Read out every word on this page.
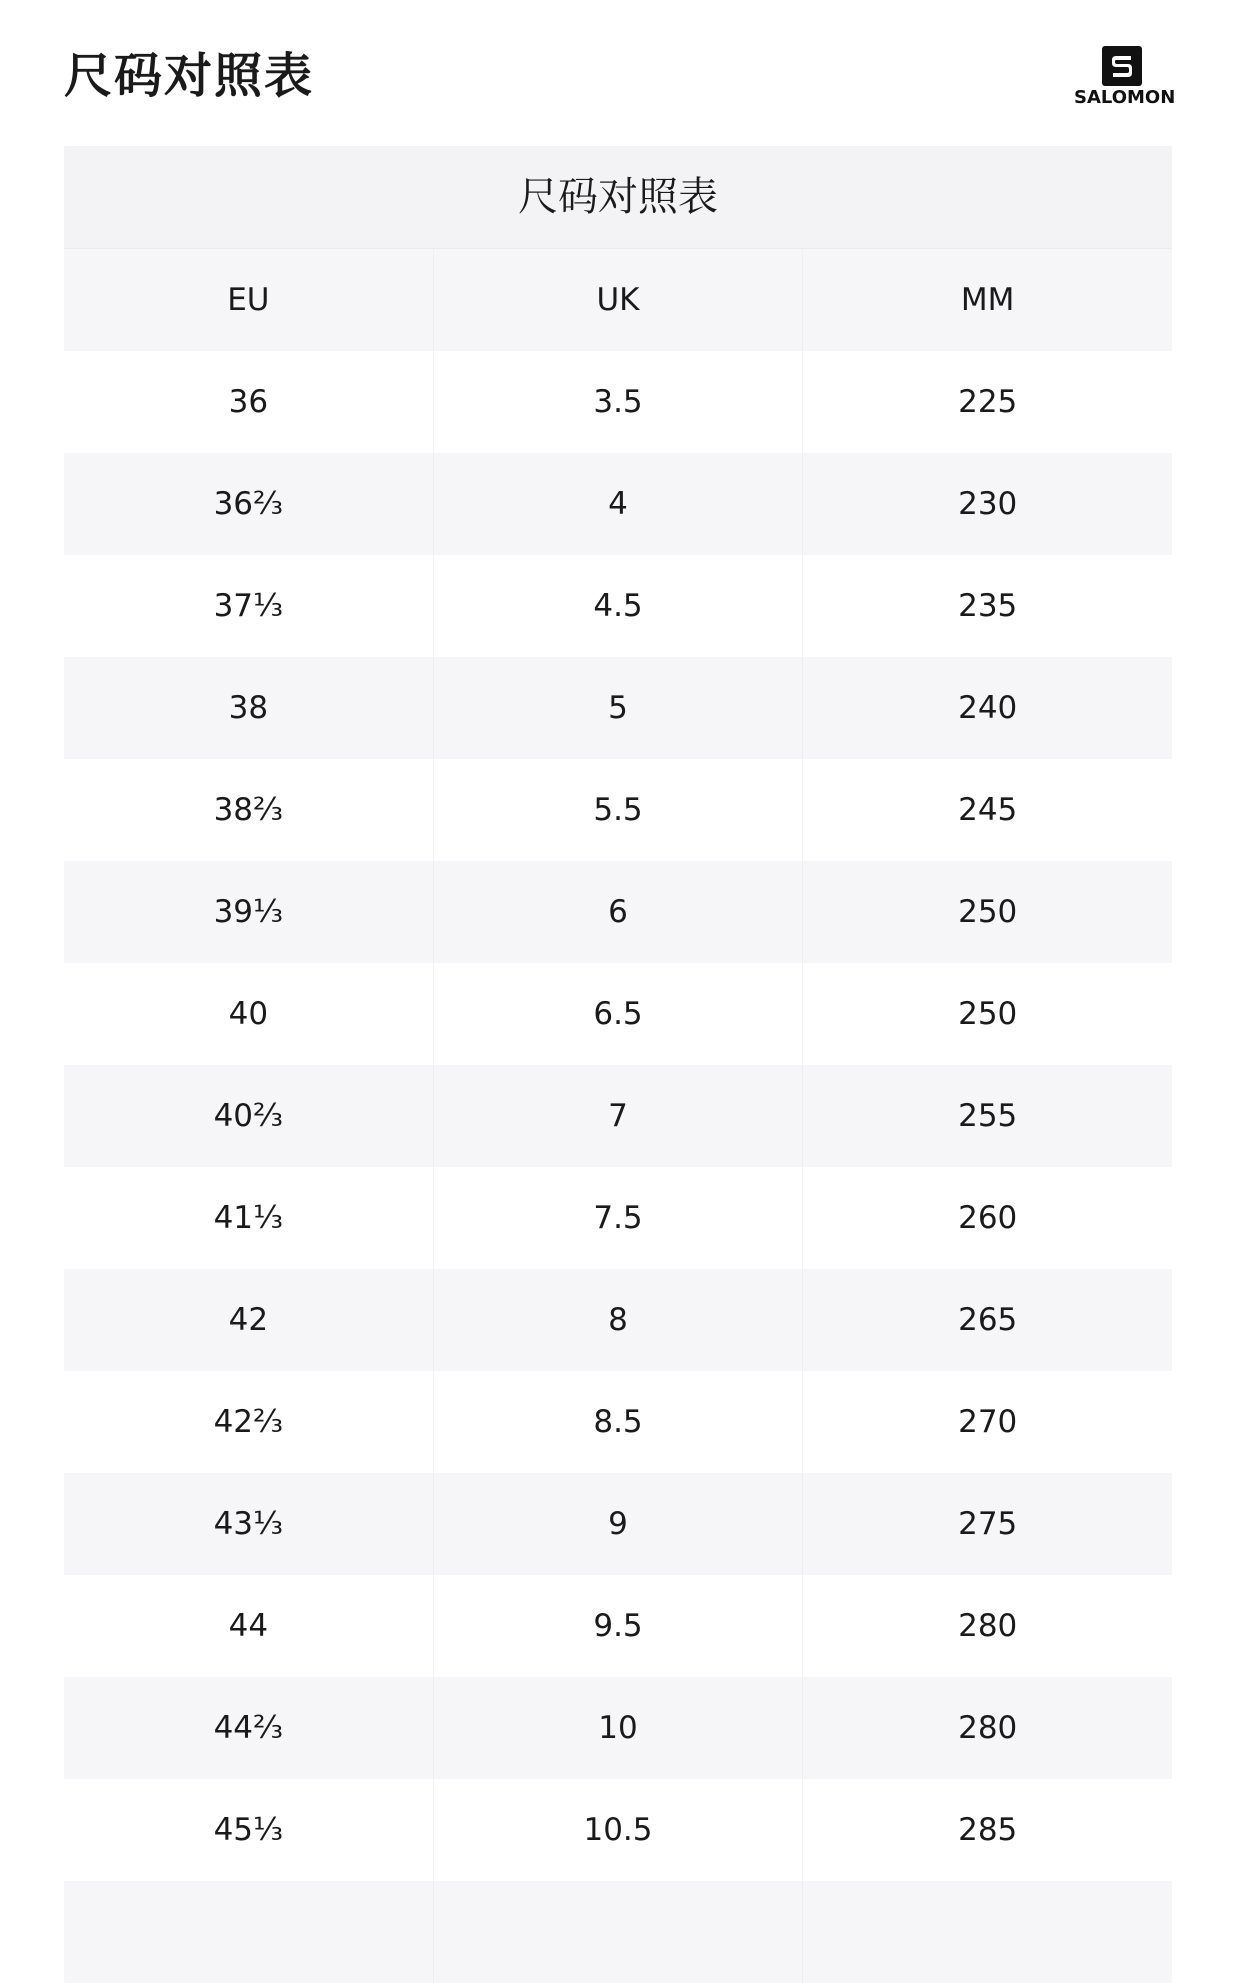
尺码对照表	SALOMON
尺码对照表
EU	UK	MM
36	3.5	225
36⅔	4	230
37⅓	4.5	235
38	5	240
38⅔	5.5	245
39⅓	6	250
40	6.5	250
40⅔	7	255
41⅓	7.5	260
42	8	265
42⅔	8.5	270
43⅓	9	275
44	9.5	280
44⅔	10	280
45⅓	10.5	285
